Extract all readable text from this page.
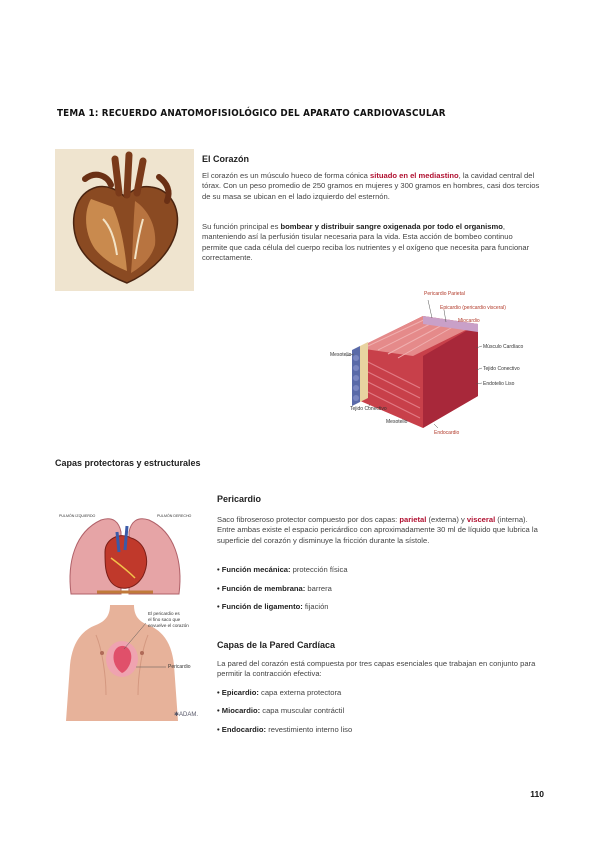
TEMA 1: RECUERDO ANATOMOFISIOLÓGICO DEL APARATO CARDIOVASCULAR
El Corazón
El corazón es un músculo hueco de forma cónica situado en el mediastino, la cavidad central del tórax. Con un peso promedio de 250 gramos en mujeres y 300 gramos en hombres, casi dos tercios de su masa se ubican en el lado izquierdo del esternón.
Su función principal es bombear y distribuir sangre oxigenada por todo el organismo, manteniendo así la perfusión tisular necesaria para la vida. Esta acción de bombeo continuo permite que cada célula del cuerpo reciba los nutrientes y el oxígeno que necesita para funcionar correctamente.
Pericardio Parietal
Epicardio (pericardio visceral)
Miocardio
Músculo Cardíaco
Mesotelio
Tejido Conectivo
Endotelio Liso
Tejido Conectivo
Mesotelio
Endocardio
Capas protectoras y estructurales
PULMÓN IZQUIERDO	PULMÓN DERECHO
El pericardio es
el fino saco que
envuelve el corazón
Pericardio
✱ADAM.
Pericardio
Saco fibroseroso protector compuesto por dos capas: parietal (externa) y visceral (interna). Entre ambas existe el espacio pericárdico con aproximadamente 30 ml de líquido que lubrica la superficie del corazón y disminuye la fricción durante la sístole.
• Función mecánica: protección física
• Función de membrana: barrera
• Función de ligamento: fijación
Capas de la Pared Cardíaca
La pared del corazón está compuesta por tres capas esenciales que trabajan en conjunto para permitir la contracción efectiva:
• Epicardio: capa externa protectora
• Miocardio: capa muscular contráctil
• Endocardio: revestimiento interno liso
110
